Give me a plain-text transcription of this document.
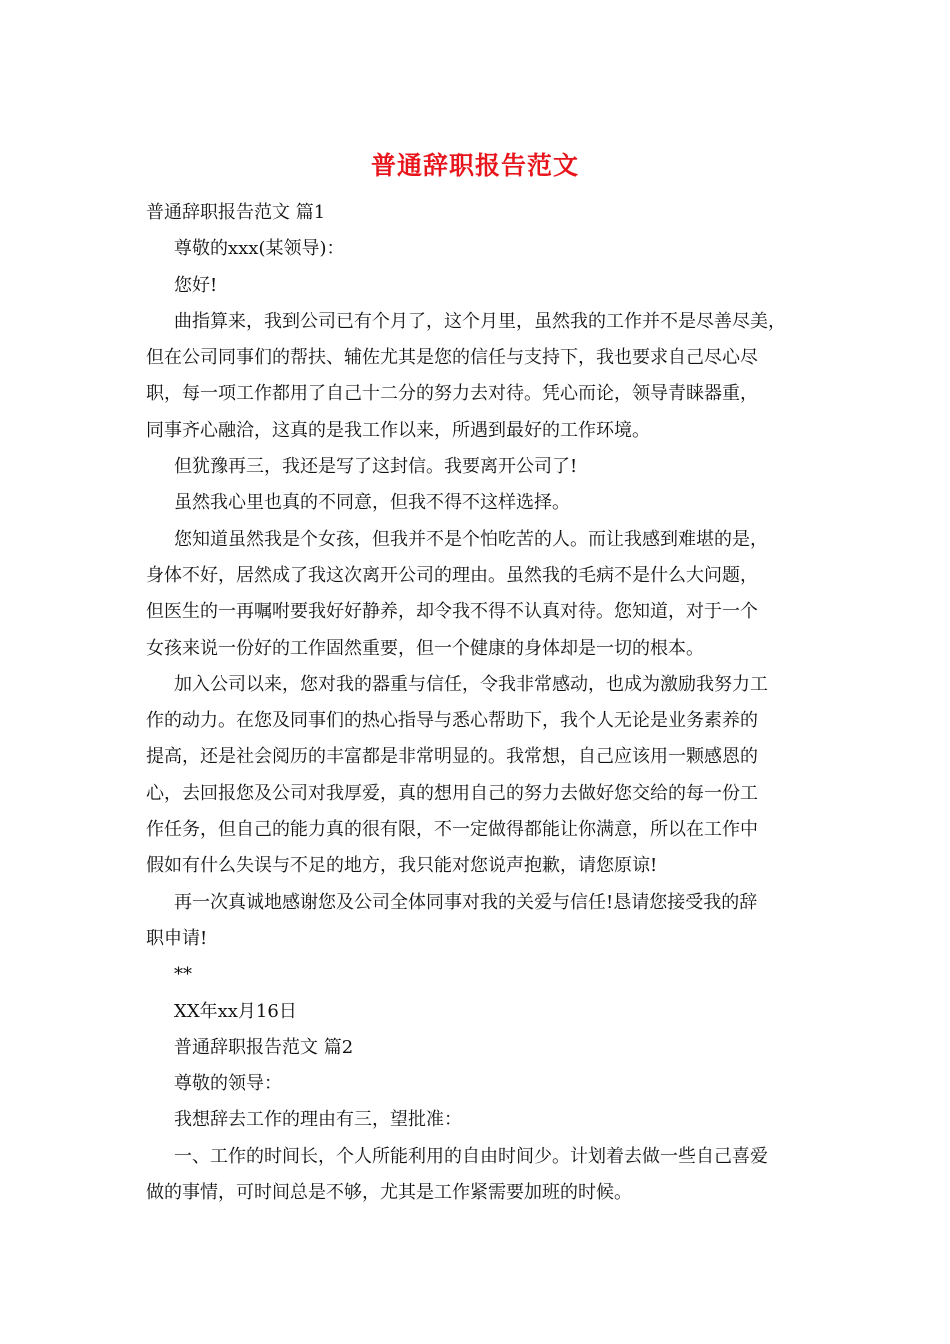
普通辞职报告范文

普通辞职报告范文 篇1

尊敬的xxx(某领导)：

您好!

曲指算来，我到公司已有个月了，这个月里，虽然我的工作并不是尽善尽美，

但在公司同事们的帮扶、辅佐尤其是您的信任与支持下，我也要求自己尽心尽

职，每一项工作都用了自己十二分的努力去对待。凭心而论，领导青睐器重，

同事齐心融洽，这真的是我工作以来，所遇到最好的工作环境。

但犹豫再三，我还是写了这封信。我要离开公司了!

虽然我心里也真的不同意，但我不得不这样选择。

您知道虽然我是个女孩，但我并不是个怕吃苦的人。而让我感到难堪的是，

身体不好，居然成了我这次离开公司的理由。虽然我的毛病不是什么大问题，

但医生的一再嘱咐要我好好静养，却令我不得不认真对待。您知道，对于一个

女孩来说一份好的工作固然重要，但一个健康的身体却是一切的根本。

加入公司以来，您对我的器重与信任，令我非常感动，也成为激励我努力工

作的动力。在您及同事们的热心指导与悉心帮助下，我个人无论是业务素养的

提高，还是社会阅历的丰富都是非常明显的。我常想，自己应该用一颗感恩的

心，去回报您及公司对我厚爱，真的想用自己的努力去做好您交给的每一份工

作任务，但自己的能力真的很有限，不一定做得都能让你满意，所以在工作中

假如有什么失误与不足的地方，我只能对您说声抱歉，请您原谅!

再一次真诚地感谢您及公司全体同事对我的关爱与信任!恳请您接受我的辞

职申请!

**

XX年xx月16日

普通辞职报告范文 篇2

尊敬的领导：

我想辞去工作的理由有三，望批准：

一、工作的时间长，个人所能利用的自由时间少。计划着去做一些自己喜爱

做的事情，可时间总是不够，尤其是工作紧需要加班的时候。
